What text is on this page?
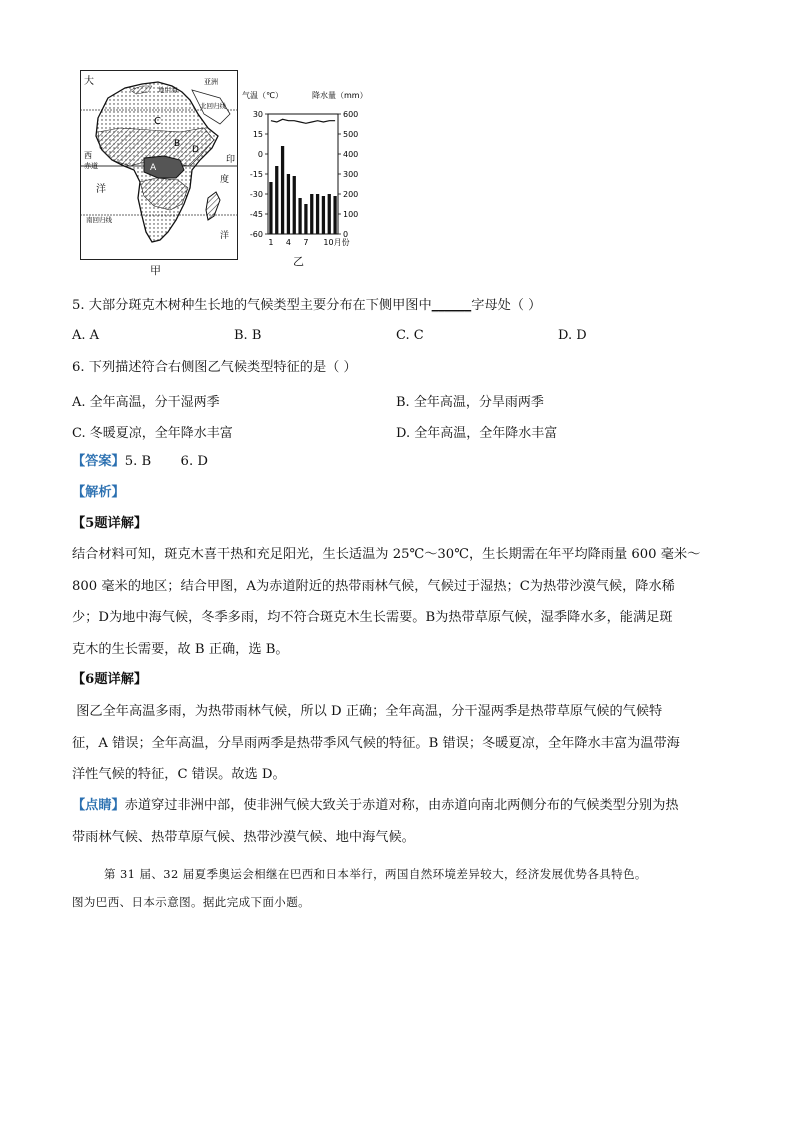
大	亚洲
地中海
北回归线
西
赤道
洋
印
度
洋
南回归线
A
B
C
D
甲
气温（℃）	降水量（mm）
30
15
0
-15
-30
-45
-60
600
500
400
300
200
100
0
1 4 7 10月份
乙
5. 大部分斑克木树种生长地的气候类型主要分布在下侧甲图中______字母处（ ）
A. A	B. B	C. C	D. D
6. 下列描述符合右侧图乙气候类型特征的是（ ）
A. 全年高温，分干湿两季	B. 全年高温，分旱雨两季
C. 冬暖夏凉，全年降水丰富	D. 全年高温，全年降水丰富
【答案】5. B       6. D
【解析】
【5题详解】
结合材料可知，斑克木喜干热和充足阳光，生长适温为 25℃～30℃，生长期需在年平均降雨量 600 毫米～
800 毫米的地区；结合甲图，A为赤道附近的热带雨林气候，气候过于湿热；C为热带沙漠气候，降水稀
少；D为地中海气候，冬季多雨，均不符合斑克木生长需要。B为热带草原气候，湿季降水多，能满足斑
克木的生长需要，故 B 正确，选 B。
【6题详解】
图乙全年高温多雨，为热带雨林气候，所以 D 正确；全年高温，分干湿两季是热带草原气候的气候特
征，A 错误；全年高温，分旱雨两季是热带季风气候的特征。B 错误；冬暖夏凉，全年降水丰富为温带海
洋性气候的特征，C 错误。故选 D。
【点睛】赤道穿过非洲中部，使非洲气候大致关于赤道对称，由赤道向南北两侧分布的气候类型分别为热
带雨林气候、热带草原气候、热带沙漠气候、地中海气候。
第 31 届、32 届夏季奥运会相继在巴西和日本举行，两国自然环境差异较大，经济发展优势各具特色。
图为巴西、日本示意图。据此完成下面小题。
